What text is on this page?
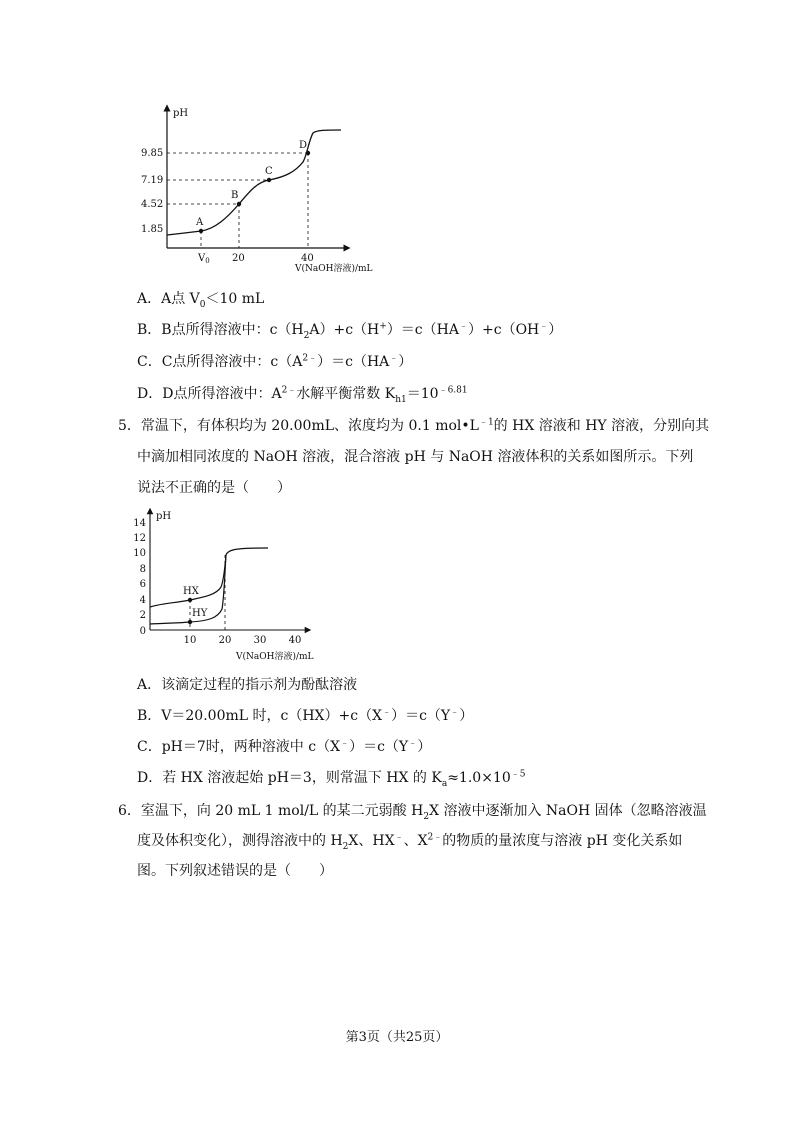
pH
9.85
7.19
4.52
1.85
A
B
C
D
$V_0$ 20	40
V(NaOH溶液)/mL
A．A点 $V_0<10$ mL
B．B点所得溶液中：$c(H_2A)+c(H^+)=c(HA^﹣)+c(OH^﹣)$
C．C点所得溶液中：$c(A^{2﹣})=c(HA^﹣)$
D．D点所得溶液中：$A^{2﹣}$水解平衡常数 $K_{h1}=10^{﹣6.81}$
5．常温下，有体积均为 20.00mL、浓度均为 0.1 $mol•L^{﹣1}$的 HX 溶液和 HY 溶液，分别向其
中滴加相同浓度的 NaOH 溶液，混合溶液 pH 与 NaOH 溶液体积的关系如图所示。下列
说法不正确的是（　　）
pH
14
12
10
8
6
4
2
0
HX
HY
10 20 30 40
V(NaOH溶液)/mL
A．该滴定过程的指示剂为酚酞溶液
B．V＝20.00mL 时，c（HX）+c（X﹣）＝c（Y﹣）
C．pH＝7时，两种溶液中 c（X﹣）＝c（Y﹣）
D．若 HX 溶液起始 pH＝3，则常温下 HX 的 $K_a\approx 1.0\times 10^{﹣5}$
6．室温下，向 20 mL 1 mol/L 的某二元弱酸 $H_2X$ 溶液中逐渐加入 NaOH 固体（忽略溶液温
度及体积变化），测得溶液中的 $H_2X$、HX﹣、$X^{2﹣}$的物质的量浓度与溶液 pH 变化关系如
图。下列叙述错误的是（　　）
第3页（共25页）
